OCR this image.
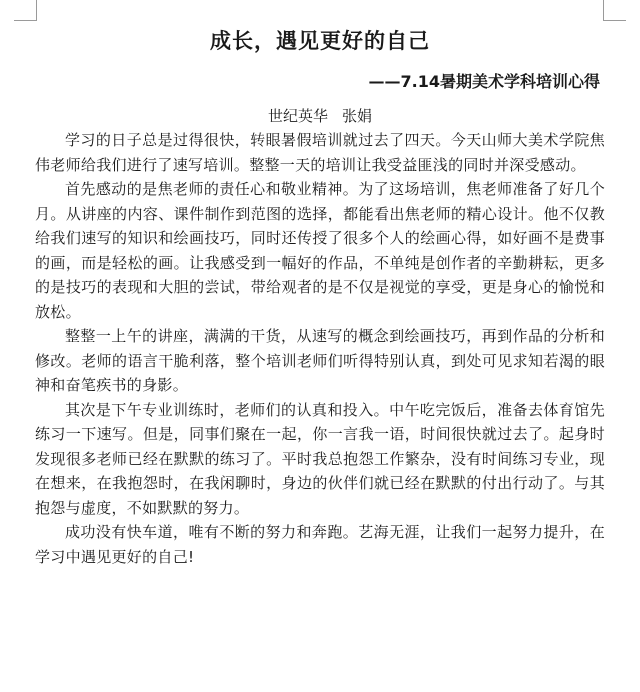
成长，遇见更好的自己
——7.14暑期美术学科培训心得
世纪英华 张娟

学习的日子总是过得很快，转眼暑假培训就过去了四天。今天山师大美术学院焦伟老师给我们进行了速写培训。整整一天的培训让我受益匪浅的同时并深受感动。

首先感动的是焦老师的责任心和敬业精神。为了这场培训，焦老师准备了好几个月。从讲座的内容、课件制作到范图的选择，都能看出焦老师的精心设计。他不仅教给我们速写的知识和绘画技巧，同时还传授了很多个人的绘画心得，如好画不是费事的画，而是轻松的画。让我感受到一幅好的作品，不单纯是创作者的辛勤耕耘，更多的是技巧的表现和大胆的尝试，带给观者的是不仅是视觉的享受，更是身心的愉悦和放松。

整整一上午的讲座，满满的干货，从速写的概念到绘画技巧，再到作品的分析和修改。老师的语言干脆利落，整个培训老师们听得特别认真，到处可见求知若渴的眼神和奋笔疾书的身影。

其次是下午专业训练时，老师们的认真和投入。中午吃完饭后，准备去体育馆先练习一下速写。但是，同事们聚在一起，你一言我一语，时间很快就过去了。起身时发现很多老师已经在默默的练习了。平时我总抱怨工作繁杂，没有时间练习专业，现在想来，在我抱怨时，在我闲聊时，身边的伙伴们就已经在默默的付出行动了。与其抱怨与虚度，不如默默的努力。

成功没有快车道，唯有不断的努力和奔跑。艺海无涯，让我们一起努力提升，在学习中遇见更好的自己!
